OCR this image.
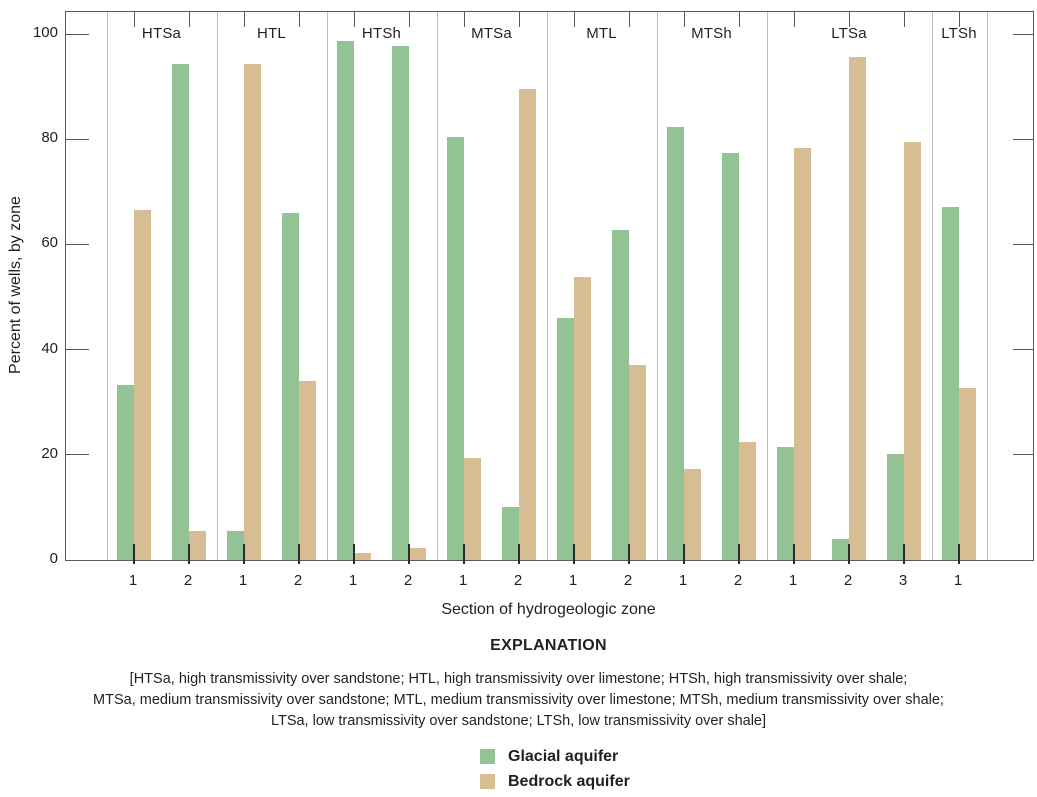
HTSa	HTL	HTSh	MTSa	MTL	MTSh	LTSa	LTSh
0
20
40
60
80
100
1	2	1	2	1	2	1	2	1	2	1	2	1	2	3	1
Percent of wells, by zone
Section of hydrogeologic zone
EXPLANATION
[HTSa, high transmissivity over sandstone; HTL, high transmissivity over limestone; HTSh, high transmissivity over shale;
MTSa, medium transmissivity over sandstone; MTL, medium transmissivity over limestone; MTSh, medium transmissivity over shale;
LTSa, low transmissivity over sandstone; LTSh, low transmissivity over shale]
Glacial aquifer
Bedrock aquifer
